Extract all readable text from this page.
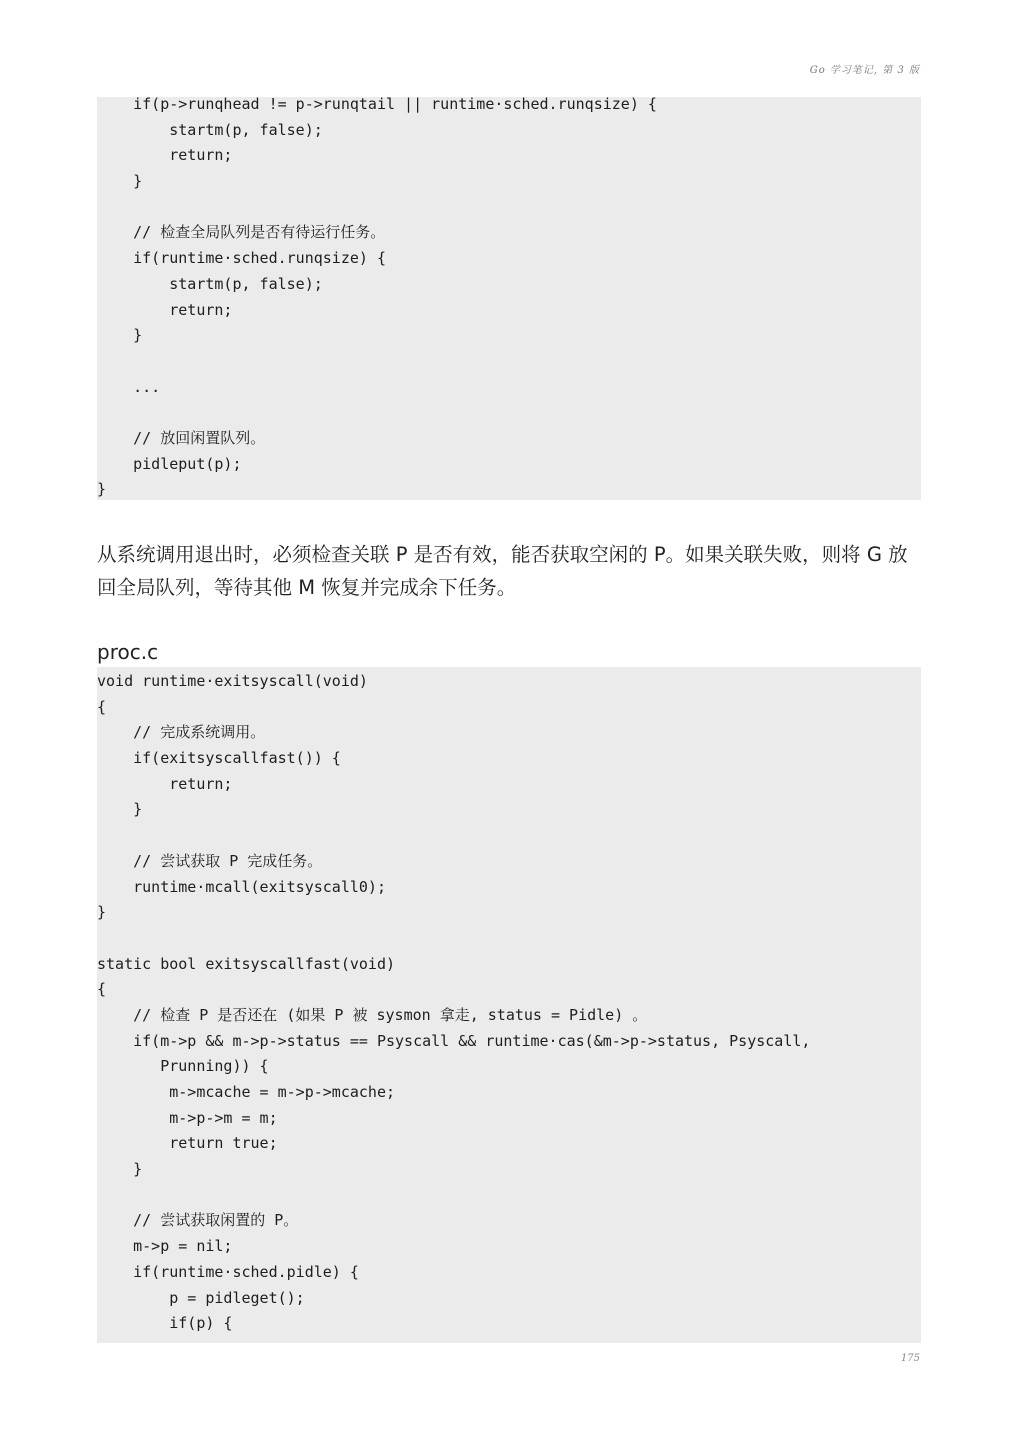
Go 学习笔记, 第 3 版
if(p->runqhead != p->runqtail || runtime·sched.runqsize) {
startm(p, false);
return;
}
// 检查全局队列是否有待运行任务。
if(runtime·sched.runqsize) {
startm(p, false);
return;
}
...
// 放回闲置队列。
pidleput(p);
}
从系统调用退出时，必须检查关联 P 是否有效，能否获取空闲的 P。如果关联失败，则将 G 放回全局队列，等待其他 M 恢复并完成余下任务。
proc.c
void runtime·exitsyscall(void)
{
// 完成系统调用。
if(exitsyscallfast()) {
return;
}
// 尝试获取 P 完成任务。
runtime·mcall(exitsyscall0);
}
static bool exitsyscallfast(void)
{
// 检查 P 是否还在 (如果 P 被 sysmon 拿走, status = Pidle) 。
if(m->p && m->p->status == Psyscall && runtime·cas(&m->p->status, Psyscall,
Prunning)) {
m->mcache = m->p->mcache;
m->p->m = m;
return true;
}
// 尝试获取闲置的 P。
m->p = nil;
if(runtime·sched.pidle) {
p = pidleget();
if(p) {
175
